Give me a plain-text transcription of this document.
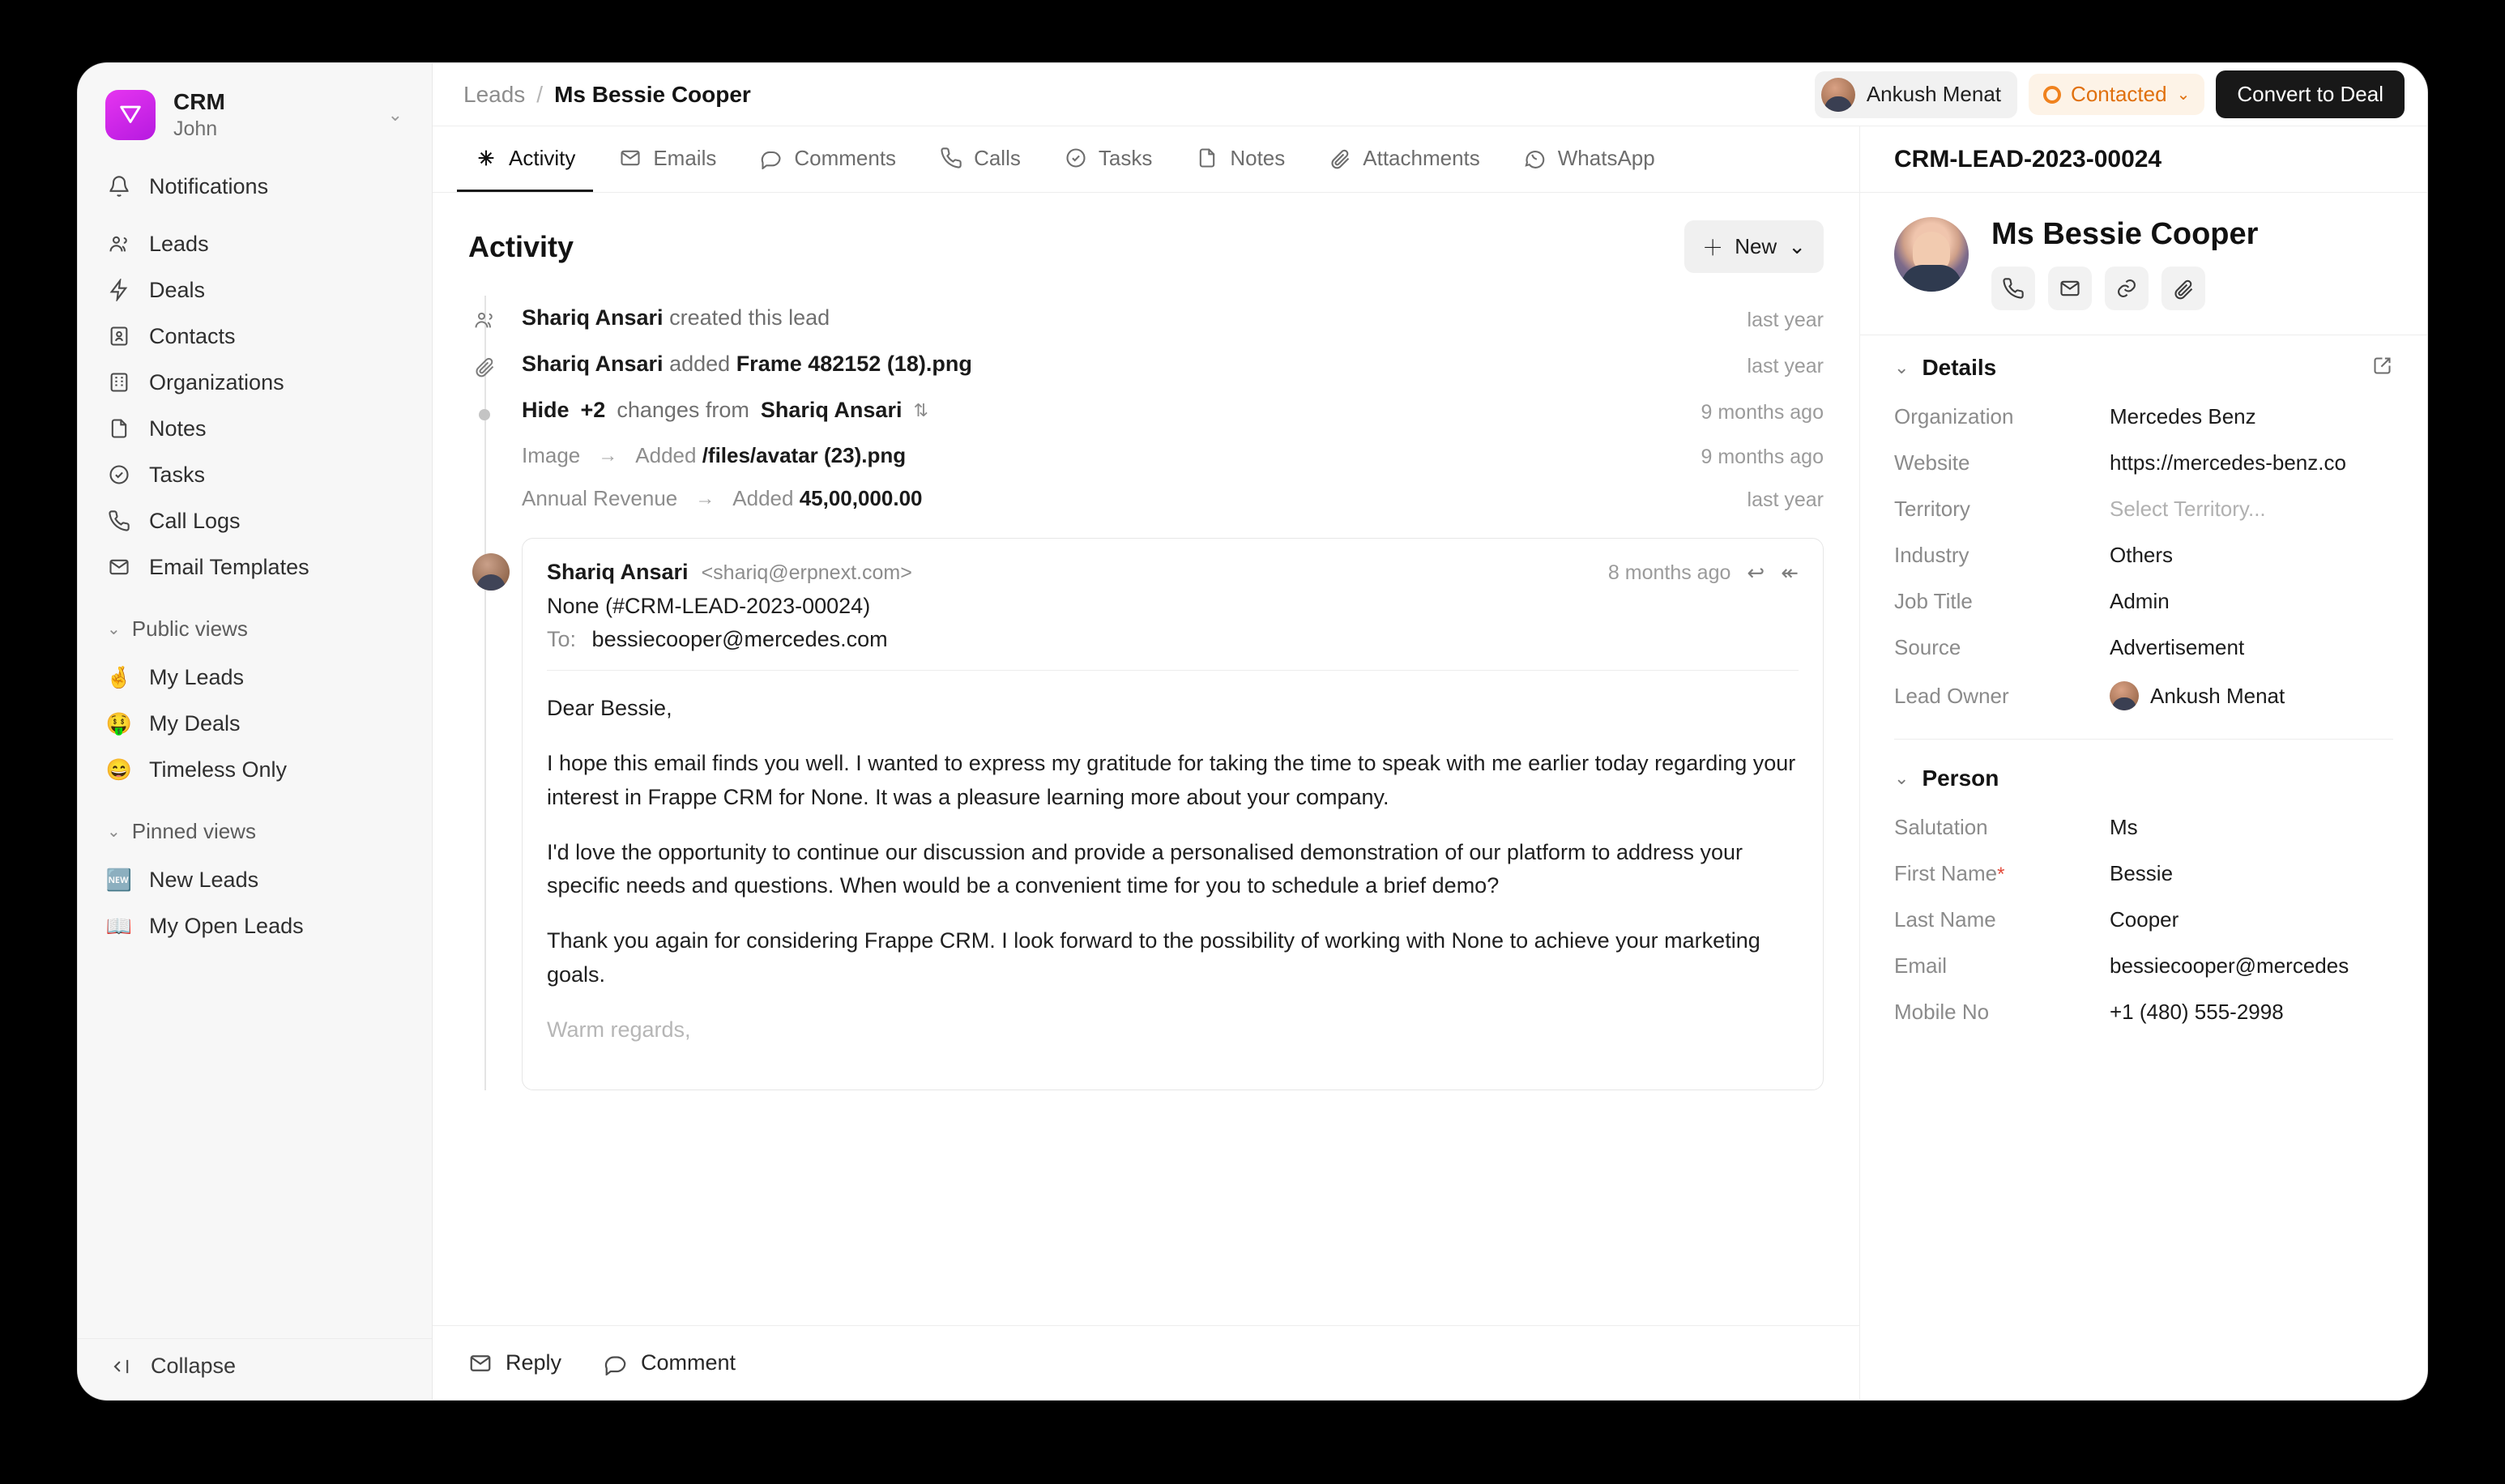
CRM
John
⌄
Notifications
Leads
Deals
Contacts
Organizations
Notes
Tasks
Call Logs
Email Templates
⌄ Public views
🤞 My Leads
🤑 My Deals
😄 Timeless Only
⌄ Pinned views
🆕 New Leads
📖 My Open Leads
Collapse
Leads / Ms Bessie Cooper	Ankush Menat	Contacted ⌄	Convert to Deal
Activity	Emails	Comments	Calls	Tasks	Notes	Attachments	WhatsApp
Activity	＋ New ⌄
Shariq Ansari created this lead	last year
Shariq Ansari added Frame 482152 (18).png	last year
Hide +2 changes from Shariq Ansari ⇅	9 months ago
Image → Added /files/avatar (23).png	9 months ago
Annual Revenue → Added 45,00,000.00	last year
Shariq Ansari <shariq@erpnext.com>	8 months ago ↩ ↞
None (#CRM-LEAD-2023-00024)
To: bessiecooper@mercedes.com

Dear Bessie,

I hope this email finds you well. I wanted to express my gratitude for taking the time to speak with me earlier today regarding your interest in Frappe CRM for None. It was a pleasure learning more about your company.

I'd love the opportunity to continue our discussion and provide a personalised demonstration of our platform to address your specific needs and questions. When would be a convenient time for you to schedule a brief demo?

Thank you again for considering Frappe CRM. I look forward to the possibility of working with None to achieve your marketing goals.

Warm regards,

Reply	Comment
CRM-LEAD-2023-00024
Ms Bessie Cooper
⌄ Details
Organization	Mercedes Benz
Website	https://mercedes-benz.co
Territory	Select Territory...
Industry	Others
Job Title	Admin
Source	Advertisement
Lead Owner	Ankush Menat
⌄ Person
Salutation	Ms
First Name*	Bessie
Last Name	Cooper
Email	bessiecooper@mercedes
Mobile No	+1 (480) 555-2998
